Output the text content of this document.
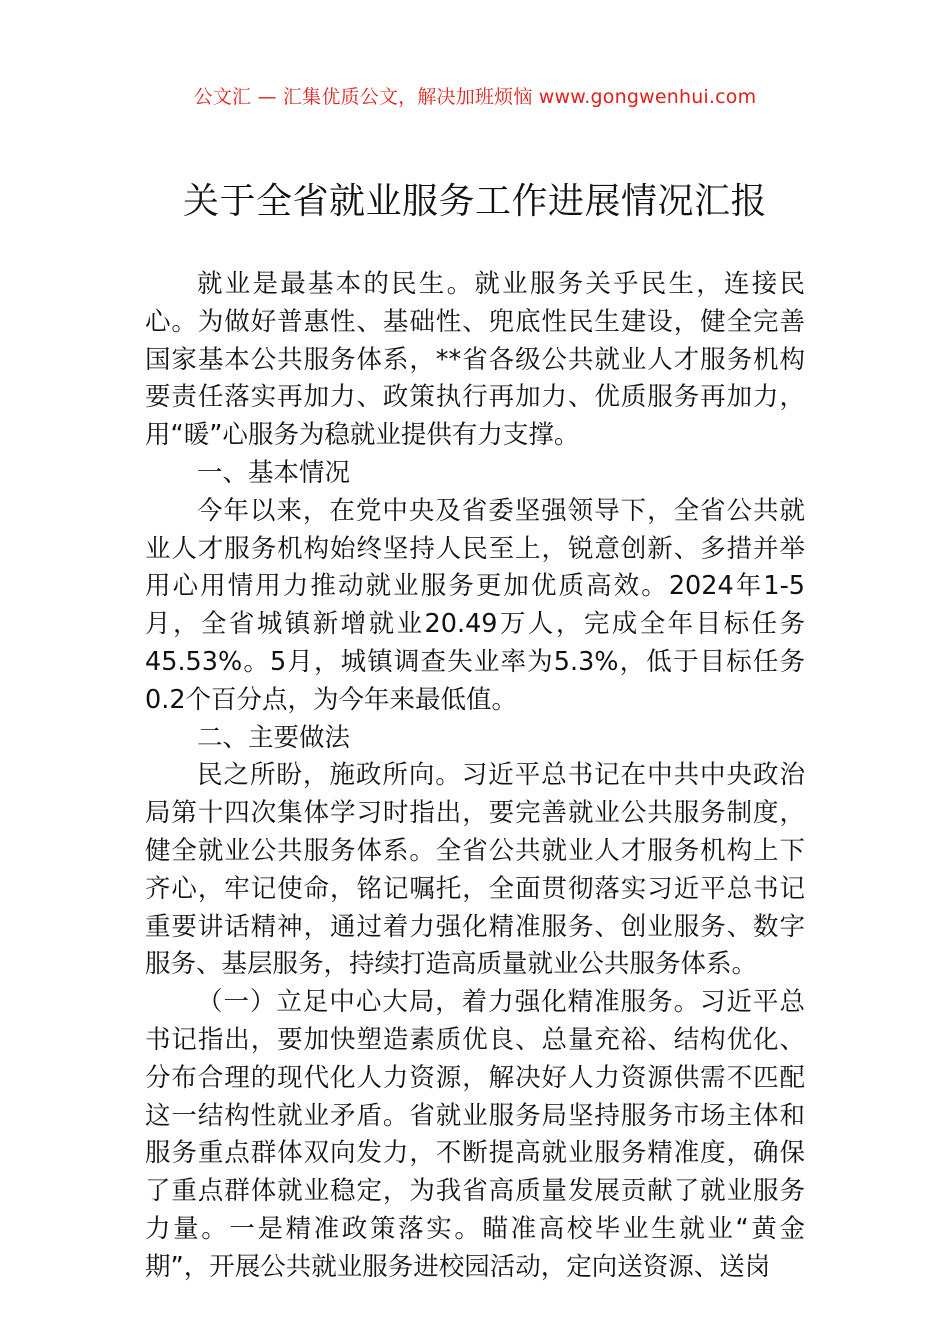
公文汇 — 汇集优质公文，解决加班烦恼 www.gongwenhui.com
关于全省就业服务工作进展情况汇报

就业是最基本的民生。就业服务关乎民生，连接民心。为做好普惠性、基础性、兜底性民生建设，健全完善国家基本公共服务体系，**省各级公共就业人才服务机构要责任落实再加力、政策执行再加力、优质服务再加力，用“暖”心服务为稳就业提供有力支撑。

一、基本情况

今年以来，在党中央及省委坚强领导下，全省公共就业人才服务机构始终坚持人民至上，锐意创新、多措并举用心用情用力推动就业服务更加优质高效。2024年1-5月，全省城镇新增就业20.49万人，完成全年目标任务45.53%。5月，城镇调查失业率为5.3%，低于目标任务0.2个百分点，为今年来最低值。

二、主要做法

民之所盼，施政所向。习近平总书记在中共中央政治局第十四次集体学习时指出，要完善就业公共服务制度，健全就业公共服务体系。全省公共就业人才服务机构上下齐心，牢记使命，铭记嘱托，全面贯彻落实习近平总书记重要讲话精神，通过着力强化精准服务、创业服务、数字服务、基层服务，持续打造高质量就业公共服务体系。

（一）立足中心大局，着力强化精准服务。习近平总书记指出，要加快塑造素质优良、总量充裕、结构优化、分布合理的现代化人力资源，解决好人力资源供需不匹配这一结构性就业矛盾。省就业服务局坚持服务市场主体和服务重点群体双向发力，不断提高就业服务精准度，确保了重点群体就业稳定，为我省高质量发展贡献了就业服务力量。一是精准政策落实。瞄准高校毕业生就业“黄金期”，开展公共就业服务进校园活动，定向送资源、送岗
